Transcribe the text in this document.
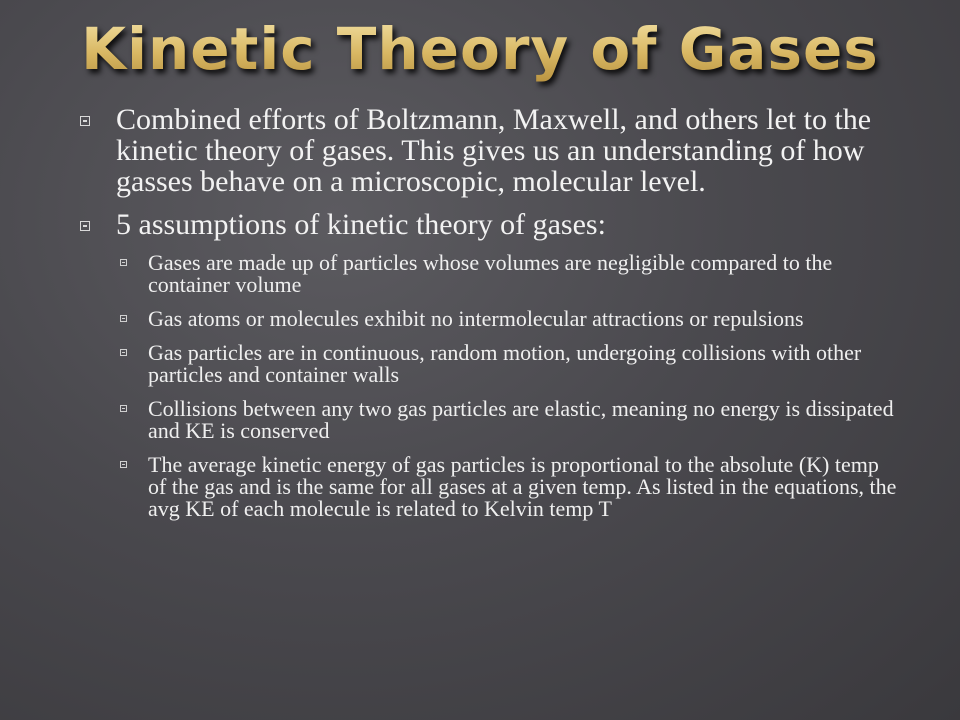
Kinetic Theory of Gases
Combined efforts of Boltzmann, Maxwell, and others let to the kinetic theory of gases. This gives us an understanding of how gasses behave on a microscopic, molecular level.
5 assumptions of kinetic theory of gases:
Gases are made up of particles whose volumes are negligible compared to the container volume
Gas atoms or molecules exhibit no intermolecular attractions or repulsions
Gas particles are in continuous, random motion, undergoing collisions with other particles and container walls
Collisions between any two gas particles are elastic, meaning no energy is dissipated and KE is conserved
The average kinetic energy of gas particles is proportional to the absolute (K) temp of the gas and is the same for all gases at a given temp. As listed in the equations, the avg KE of each molecule is related to Kelvin temp T
